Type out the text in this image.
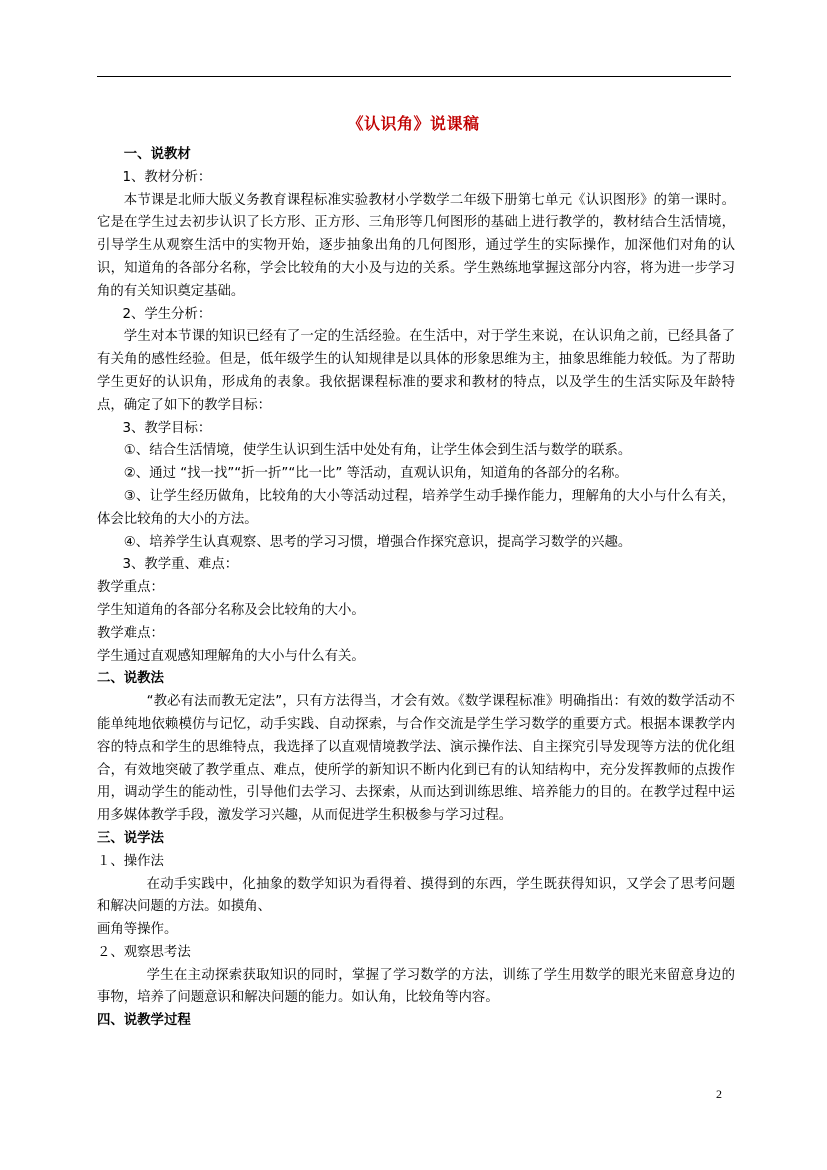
《认识角》说课稿

一、说教材

1、教材分析：

本节课是北师大版义务教育课程标准实验教材小学数学二年级下册第七单元《认识图形》的第一课时。它是在学生过去初步认识了长方形、正方形、三角形等几何图形的基础上进行教学的，教材结合生活情境，引导学生从观察生活中的实物开始，逐步抽象出角的几何图形，通过学生的实际操作，加深他们对角的认识，知道角的各部分名称，学会比较角的大小及与边的关系。学生熟练地掌握这部分内容，将为进一步学习角的有关知识奠定基础。

2、学生分析：

学生对本节课的知识已经有了一定的生活经验。在生活中，对于学生来说，在认识角之前，已经具备了有关角的感性经验。但是，低年级学生的认知规律是以具体的形象思维为主，抽象思维能力较低。为了帮助学生更好的认识角，形成角的表象。我依据课程标准的要求和教材的特点，以及学生的生活实际及年龄特点，确定了如下的教学目标：

3、教学目标：

①、结合生活情境，使学生认识到生活中处处有角，让学生体会到生活与数学的联系。

②、通过 “找一找”“折一折”“比一比” 等活动，直观认识角，知道角的各部分的名称。

③、让学生经历做角，比较角的大小等活动过程，培养学生动手操作能力，理解角的大小与什么有关，体会比较角的大小的方法。

④、培养学生认真观察、思考的学习习惯，增强合作探究意识，提高学习数学的兴趣。

3、教学重、难点：

教学重点：

学生知道角的各部分名称及会比较角的大小。

教学难点：

学生通过直观感知理解角的大小与什么有关。

二、说教法

“教必有法而教无定法”，只有方法得当，才会有效。《数学课程标准》明确指出：有效的数学活动不能单纯地依赖模仿与记忆，动手实践、自动探索，与合作交流是学生学习数学的重要方式。根据本课教学内容的特点和学生的思维特点，我选择了以直观情境教学法、演示操作法、自主探究引导发现等方法的优化组合，有效地突破了教学重点、难点，使所学的新知识不断内化到已有的认知结构中，充分发挥教师的点拨作用，调动学生的能动性，引导他们去学习、去探索，从而达到训练思维、培养能力的目的。在教学过程中运用多媒体教学手段，激发学习兴趣，从而促进学生积极参与学习过程。

三、说学法

１、操作法

在动手实践中，化抽象的数学知识为看得着、摸得到的东西，学生既获得知识，又学会了思考问题和解决问题的方法。如摸角、

画角等操作。

２、观察思考法

学生在主动探索获取知识的同时，掌握了学习数学的方法，训练了学生用数学的眼光来留意身边的事物，培养了问题意识和解决问题的能力。如认角，比较角等内容。

四、说教学过程

2
